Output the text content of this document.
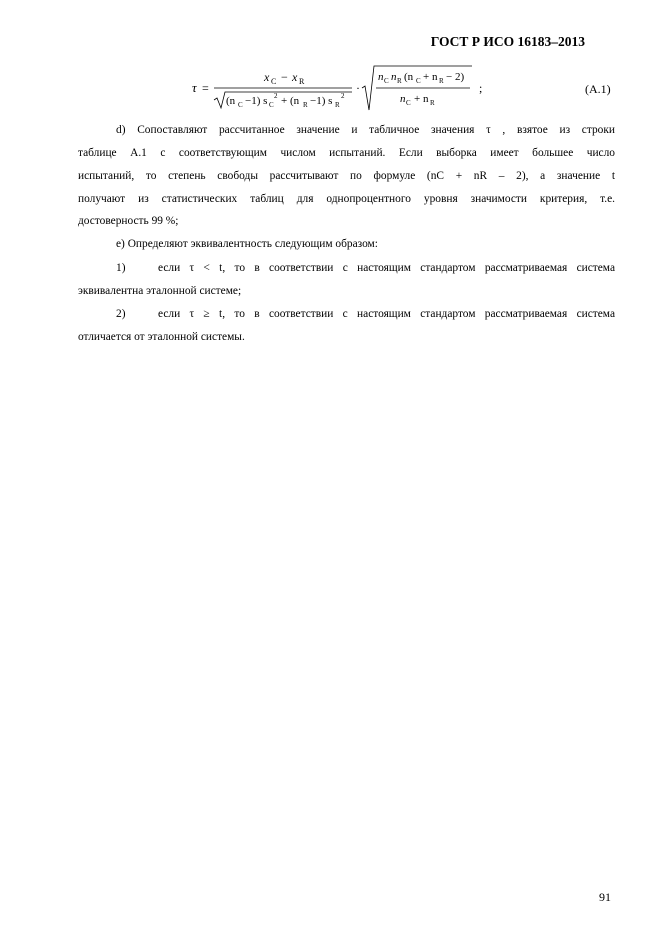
ГОСТ Р ИСО 16183–2013
τ =
x C − x R
(n C −1) s C
2 + (n R −1) s R
2
·
n C n R (n C + n R − 2)
n C + n R
;	(A.1)
d) Сопоставляют рассчитанное значение и табличное значения τ , взятое из строки
таблице А.1 с соответствующим числом испытаний. Если выборка имеет большее число
испытаний, то степень свободы рассчитывают по формуле (nC + nR – 2), а значение t
получают из статистических таблиц для однопроцентного уровня значимости критерия, т.е.
достоверность 99 %;
е) Определяют эквивалентность следующим образом:
1)	если τ < t, то в соответствии с настоящим стандартом рассматриваемая система
эквивалентна эталонной системе;
2)	если τ ≥ t, то в соответствии с настоящим стандартом рассматриваемая система
отличается от эталонной системы.
91
